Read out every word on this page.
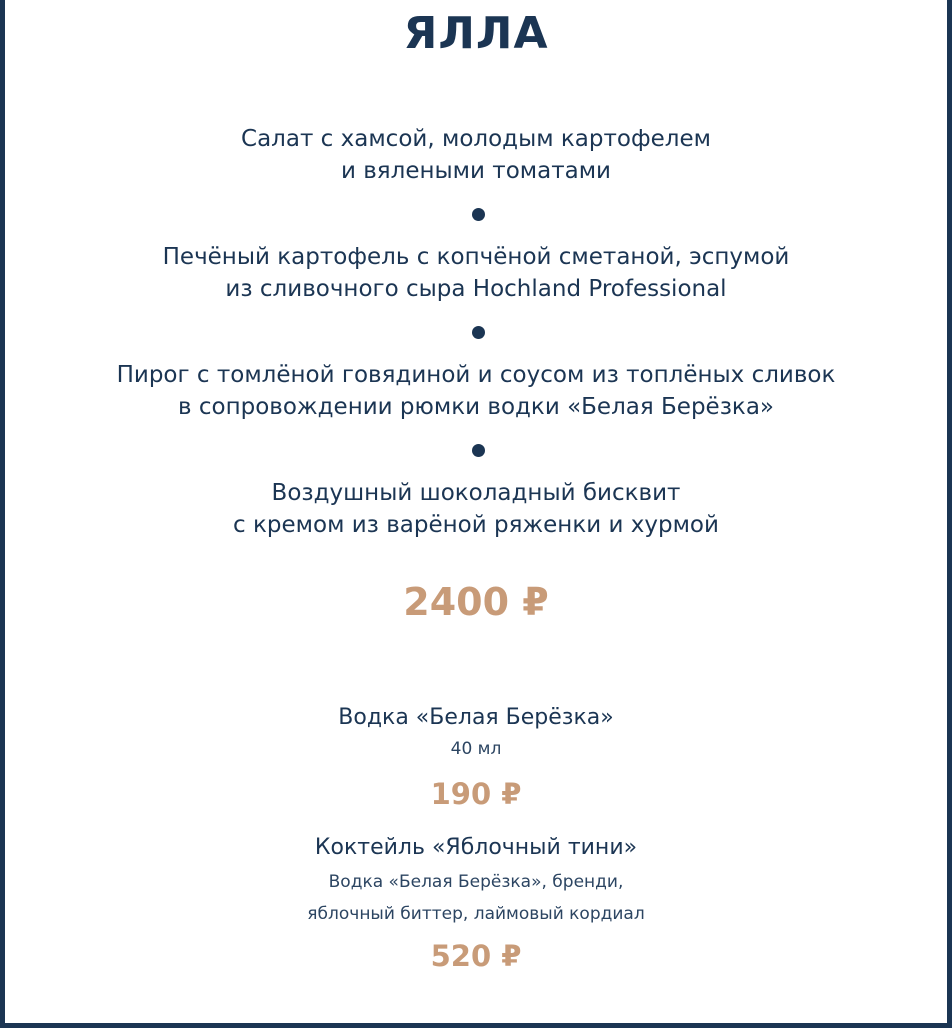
ЯЛЛА
Салат с хамсой, молодым картофелем
и вялеными томатами
Печёный картофель с копчёной сметаной, эспумой
из сливочного сыра Hochland Professional
Пирог с томлёной говядиной и соусом из топлёных сливок
в сопровождении рюмки водки «Белая Берёзка»
Воздушный шоколадный бисквит
с кремом из варёной ряженки и хурмой
2400 ₽
Водка «Белая Берёзка»
40 мл
190 ₽
Коктейль «Яблочный тини»
Водка «Белая Берёзка», бренди,
яблочный биттер, лаймовый кордиал
520 ₽
